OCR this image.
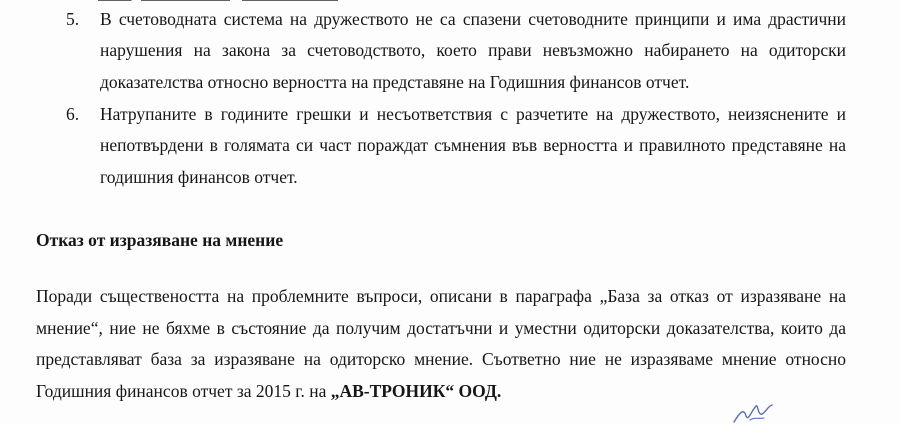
5.	В счетоводната система на дружеството не са спазени счетоводните принципи и има драстични нарушения на закона за счетоводството, което прави невъзможно набирането на одиторски доказателства относно верността на представяне на Годишния финансов отчет.
6.	Натрупаните в годините грешки и несъответствия с разчетите на дружеството, неизяснените и непотвърдени в голямата си част пораждат съмнения във верността и правилното представяне на годишния финансов отчет.
Отказ от изразяване на мнение
Поради съществеността на проблемните въпроси, описани в параграфа „База за отказ от изразяване на мнение“, ние не бяхме в състояние да получим достатъчни и уместни одиторски доказателства, които да представляват база за изразяване на одиторско мнение. Съответно ние не изразяваме мнение относно Годишния финансов отчет за 2015 г. на „АВ-ТРОНИК“ ООД.
